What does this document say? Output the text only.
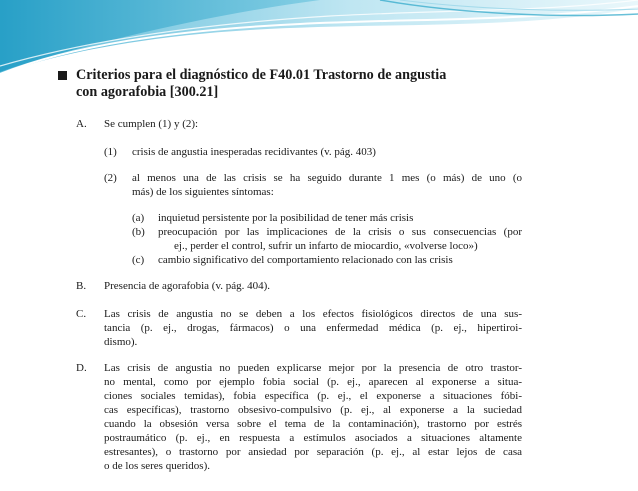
Criterios para el diagnóstico de F40.01 Trastorno de angustia
con agorafobia [300.21]
A. Se cumplen (1) y (2):
(1) crisis de angustia inesperadas recidivantes (v. pág. 403)
(2) al menos una de las crisis se ha seguido durante 1 mes (o más) de uno (o
más) de los siguientes síntomas:
(a) inquietud persistente por la posibilidad de tener más crisis
(b) preocupación por las implicaciones de la crisis o sus consecuencias (por
ej., perder el control, sufrir un infarto de miocardio, «volverse loco»)
(c) cambio significativo del comportamiento relacionado con las crisis
B. Presencia de agorafobia (v. pág. 404).
C. Las crisis de angustia no se deben a los efectos fisiológicos directos de una sus-
tancia (p. ej., drogas, fármacos) o una enfermedad médica (p. ej., hipertiroi-
dismo).
D. Las crisis de angustia no pueden explicarse mejor por la presencia de otro trastor-
no mental, como por ejemplo fobia social (p. ej., aparecen al exponerse a situa-
ciones sociales temidas), fobia específica (p. ej., el exponerse a situaciones fóbi-
cas específicas), trastorno obsesivo-compulsivo (p. ej., al exponerse a la suciedad
cuando la obsesión versa sobre el tema de la contaminación), trastorno por estrés
postraumático (p. ej., en respuesta a estímulos asociados a situaciones altamente
estresantes), o trastorno por ansiedad por separación (p. ej., al estar lejos de casa
o de los seres queridos).
